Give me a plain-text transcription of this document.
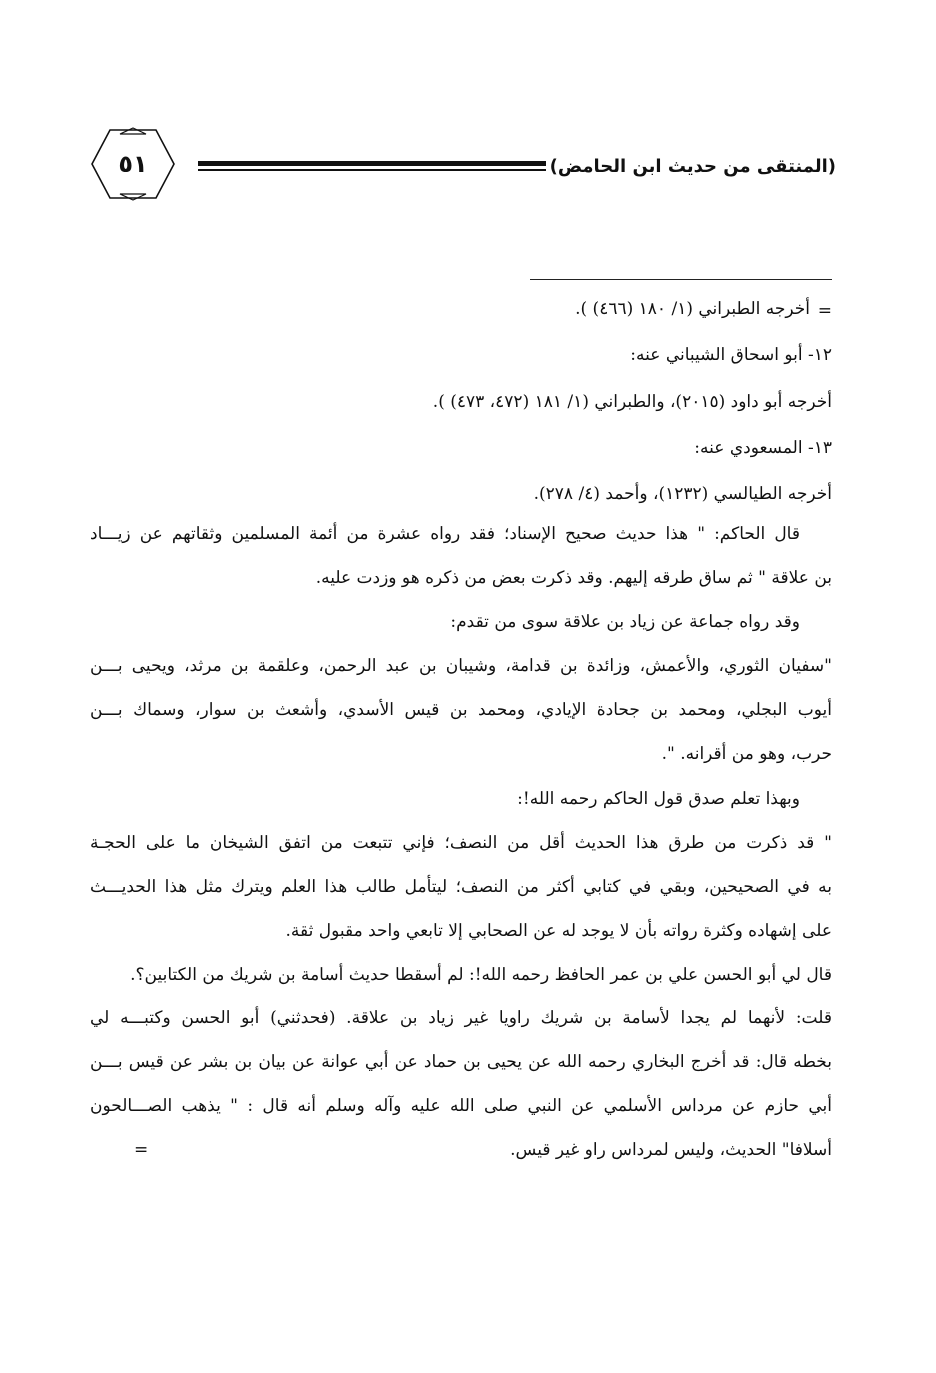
٥١	(المنتقى من حديث ابن الحامض)
=
أخرجه الطبراني (١/ ١٨٠ (٤٦٦) ).
١٢- أبو اسحاق الشيباني عنه:
أخرجه أبو داود (٢٠١٥)، والطبراني (١/ ١٨١ (٤٧٢، ٤٧٣) ).
١٣- المسعودي عنه:
أخرجه الطيالسي (١٢٣٢)، وأحمد (٤/ ٢٧٨).
قال الحاكم: " هذا حديث صحيح الإسناد؛ فقد رواه عشرة من أئمة المسلمين وثقاتهم عن زيـــاد
بن علاقة " ثم ساق طرقه إليهم. وقد ذكرت بعض من ذكره هو وزدت عليه.
وقد رواه جماعة عن زياد بن علاقة سوى من تقدم:
"سفيان الثوري، والأعمش، وزائدة بن قدامة، وشيبان بن عبد الرحمن، وعلقمة بن مرثد، ويحيى بـــن
أيوب البجلي، ومحمد بن جحادة الإيادي، ومحمد بن قيس الأسدي، وأشعث بن سوار، وسماك بـــن
حرب، وهو من أقرانه. ".
وبهذا تعلم صدق قول الحاكم رحمه الله!:
" قد ذكرت من طرق هذا الحديث أقل من النصف؛ فإني تتبعت من اتفق الشيخان ما على الحجـة
به في الصحيحين، وبقي في كتابي أكثر من النصف؛ ليتأمل طالب هذا العلم ويترك مثل هذا الحديـــث
على إشهاده وكثرة رواته بأن لا يوجد له عن الصحابي إلا تابعي واحد مقبول ثقة.
قال لي أبو الحسن علي بن عمر الحافظ رحمه الله!: لم أسقطا حديث أسامة بن شريك من الكتابين؟.
قلت: لأنهما لم يجدا لأسامة بن شريك راويا غير زياد بن علاقة. (فحدثني) أبو الحسن وكتبـــه لي
بخطه قال: قد أخرج البخاري رحمه الله عن يحيى بن حماد عن أبي عوانة عن بيان بن بشر عن قيس بـــن
أبي حازم عن مرداس الأسلمي عن النبي صلى الله عليه وآله وسلم أنه قال : " يذهب الصـــالحون
أسلافا" الحديث، وليس لمرداس راو غير قيس.
=
